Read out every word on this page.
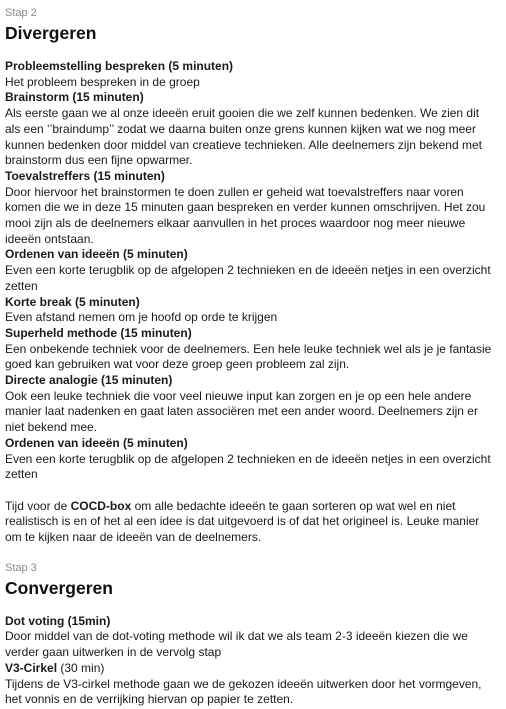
Stap 2
Divergeren
Probleemstelling bespreken (5 minuten)
Het probleem bespreken in de groep
Brainstorm (15 minuten)
Als eerste gaan we al onze ideeën eruit gooien die we zelf kunnen bedenken. We zien dit als een ‘’braindump’’ zodat we daarna buiten onze grens kunnen kijken wat we nog meer kunnen bedenken door middel van creatieve technieken. Alle deelnemers zijn bekend met brainstorm dus een fijne opwarmer.
Toevalstreffers (15 minuten)
Door hiervoor het brainstormen te doen zullen er geheid wat toevalstreffers naar voren komen die we in deze 15 minuten gaan bespreken en verder kunnen omschrijven. Het zou mooi zijn als de deelnemers elkaar aanvullen in het proces waardoor nog meer nieuwe ideeën ontstaan.
Ordenen van ideeën (5 minuten)
Even een korte terugblik op de afgelopen 2 technieken en de ideeën netjes in een overzicht zetten
Korte break (5 minuten)
Even afstand nemen om je hoofd op orde te krijgen
Superheld methode (15 minuten)
Een onbekende techniek voor de deelnemers. Een hele leuke techniek wel als je je fantasie goed kan gebruiken wat voor deze groep geen probleem zal zijn.
Directe analogie (15 minuten)
Ook een leuke techniek die voor veel nieuwe input kan zorgen en je op een hele andere manier laat nadenken en gaat laten associëren met een ander woord. Deelnemers zijn er niet bekend mee.
Ordenen van ideeën (5 minuten)
Even een korte terugblik op de afgelopen 2 technieken en de ideeën netjes in een overzicht zetten
Tijd voor de COCD-box om alle bedachte ideeën te gaan sorteren op wat wel en niet realistisch is en of het al een idee is dat uitgevoerd is of dat het origineel is. Leuke manier om te kijken naar de ideeën van de deelnemers.
Stap 3
Convergeren
Dot voting (15min)
Door middel van de dot-voting methode wil ik dat we als team 2-3 ideeën kiezen die we verder gaan uitwerken in de vervolg stap
V3-Cirkel (30 min)
Tijdens de V3-cirkel methode gaan we de gekozen ideeën uitwerken door het vormgeven, het vonnis en de verrijking hiervan op papier te zetten.
